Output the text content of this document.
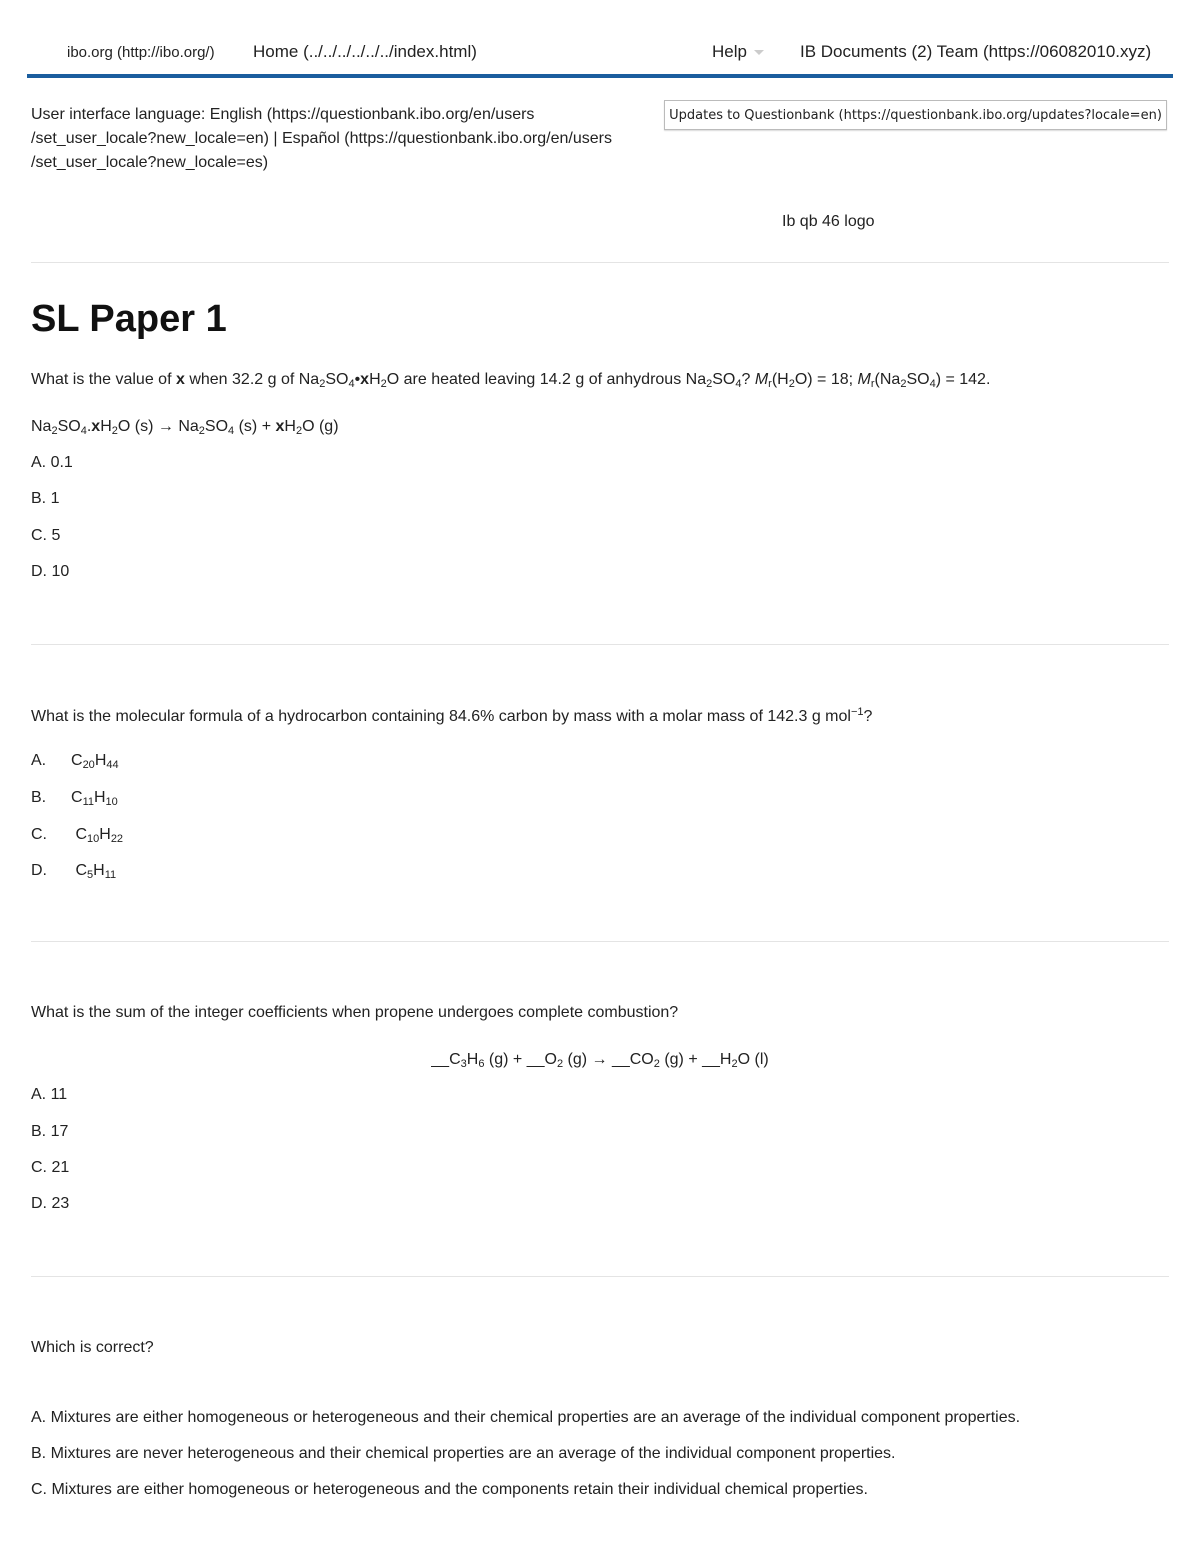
ibo.org (http://ibo.org/) Home (../../../../../../index.html)	Help	IB Documents (2) Team (https://06082010.xyz)
User interface language: English (https://questionbank.ibo.org/en/users
/set_user_locale?new_locale=en) | Español (https://questionbank.ibo.org/en/users
/set_user_locale?new_locale=es)
Updates to Questionbank (https://questionbank.ibo.org/updates?locale=en)
Ib qb 46 logo
SL Paper 1
What is the value of x when 32.2 g of $Na_2SO_4•xH_2O$ are heated leaving 14.2 g of anhydrous $Na_2SO_4$? $M_r(H_2O) = 18$; $M_r(Na_2SO_4) = 142$.
$Na_2SO_4.xH_2O$ $(s) \to Na_2SO_4$ $(s) + xH_2O$ (g)
A. 0.1
B. 1
C. 5
D. 10
What is the molecular formula of a hydrocarbon containing 84.6% carbon by mass with a molar mass of 142.3 g mol$^{-1}$?
A. $C_{20}H_{44}$
B. $C_{11}H_{10}$
C. $C_{10}H_{22}$
D. $C_5H_{11}$
What is the sum of the integer coefficients when propene undergoes complete combustion?
$\_\_C_3H_6$ $(g) + \_\_O_2$ $(g) \to \_\_CO_2$ $(g) + \_\_H_2O$ (l)
A. 11
B. 17
C. 21
D. 23
Which is correct?
A. Mixtures are either homogeneous or heterogeneous and their chemical properties are an average of the individual component properties.
B. Mixtures are never heterogeneous and their chemical properties are an average of the individual component properties.
C. Mixtures are either homogeneous or heterogeneous and the components retain their individual chemical properties.
